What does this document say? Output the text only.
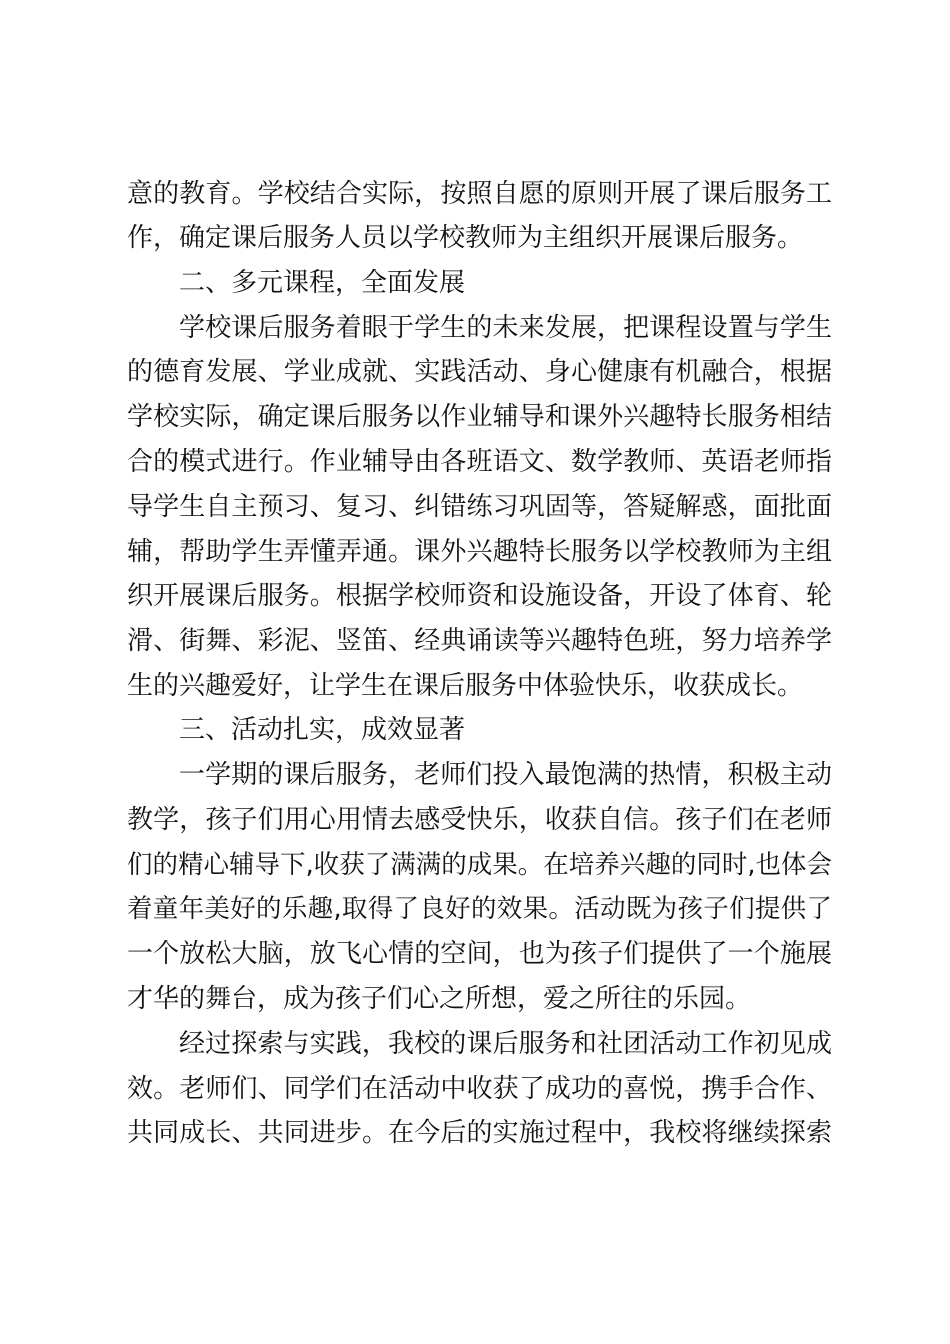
意的教育。学校结合实际，按照自愿的原则开展了课后服务工
作，确定课后服务人员以学校教师为主组织开展课后服务。
二、多元课程，全面发展
学校课后服务着眼于学生的未来发展，把课程设置与学生
的德育发展、学业成就、实践活动、身心健康有机融合，根据
学校实际，确定课后服务以作业辅导和课外兴趣特长服务相结
合的模式进行。作业辅导由各班语文、数学教师、英语老师指
导学生自主预习、复习、纠错练习巩固等，答疑解惑，面批面
辅，帮助学生弄懂弄通。课外兴趣特长服务以学校教师为主组
织开展课后服务。根据学校师资和设施设备，开设了体育、轮
滑、街舞、彩泥、竖笛、经典诵读等兴趣特色班，努力培养学
生的兴趣爱好，让学生在课后服务中体验快乐，收获成长。
三、活动扎实，成效显著
一学期的课后服务，老师们投入最饱满的热情，积极主动
教学，孩子们用心用情去感受快乐，收获自信。孩子们在老师
们的精心辅导下,收获了满满的成果。在培养兴趣的同时,也体会
着童年美好的乐趣,取得了良好的效果。活动既为孩子们提供了
一个放松大脑，放飞心情的空间，也为孩子们提供了一个施展
才华的舞台，成为孩子们心之所想，爱之所往的乐园。
经过探索与实践，我校的课后服务和社团活动工作初见成
效。老师们、同学们在活动中收获了成功的喜悦，携手合作、
共同成长、共同进步。在今后的实施过程中，我校将继续探索
